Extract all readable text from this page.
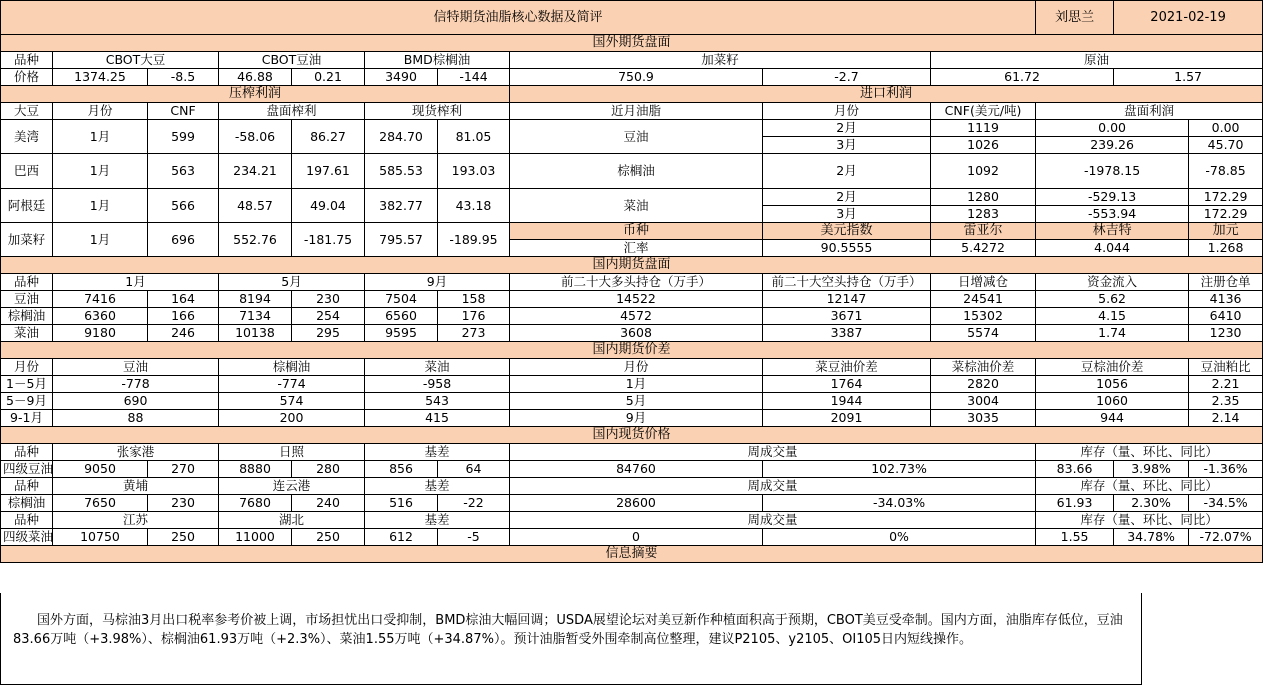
信特期货油脂核心数据及简评										刘思兰	2021-02-19	
国外期货盘面												
品种	CBOT大豆		CBOT豆油		BMD棕榈油		加菜籽		原油			
价格	1374.25	-8.5	46.88	0.21	3490	-144	750.9	-2.7	61.72		1.57	
压榨利润							进口利润					
大豆	月份	CNF	盘面榨利		现货榨利		近月油脂	月份	CNF(美元/吨)	盘面利润		
美湾	1月	599	-58.06	86.27	284.70	81.05	豆油	2月	1119	0.00		0.00
								3月	1026	239.26		45.70
巴西	1月	563	234.21	197.61	585.53	193.03	棕榈油	2月	1092	-1978.15		-78.85
阿根廷	1月	566	48.57	49.04	382.77	43.18	菜油	2月	1280	-529.13		172.29
								3月	1283	-553.94		172.29
加菜籽	1月	696	552.76	-181.75	795.57	-189.95	币种	美元指数	雷亚尔	林吉特		加元
							汇率	90.5555	5.4272	4.044		1.268
国内期货盘面												
品种	1月		5月		9月		前二十大多头持仓（万手）	前二十大空头持仓（万手）	日增减仓	资金流入		注册仓单
豆油	7416	164	8194	230	7504	158	14522	12147	24541	5.62		4136
棕榈油	6360	166	7134	254	6560	176	4572	3671	15302	4.15		6410
菜油	9180	246	10138	295	9595	273	3608	3387	5574	1.74		1230
国内期货价差												
月份	豆油		棕榈油		菜油		月份	菜豆油价差	菜棕油价差	豆棕油价差		豆油粕比
1－5月	-778		-774		-958		1月	1764	2820	1056		2.21
5－9月	690		574		543		5月	1944	3004	1060		2.35
9-1月	88		200		415		9月	2091	3035	944		2.14
国内现货价格												
品种	张家港		日照		基差		周成交量			库存（量、环比、同比）		
四级豆油	9050	270	8880	280	856	64	84760	102.73%		83.66	3.98%	-1.36%
品种	黄埔		连云港		基差		周成交量			库存（量、环比、同比）		
棕榈油	7650	230	7680	240	516	-22	28600	-34.03%		61.93	2.30%	-34.5%
品种	江苏		湖北		基差		周成交量			库存（量、环比、同比）		
四级菜油	10750	250	11000	250	612	-5	0	0%		1.55	34.78%	-72.07%
信息摘要												
国外方面，马棕油3月出口税率参考价被上调，市场担忧出口受抑制，BMD棕油大幅回调；USDA展望论坛对美豆新作种植面积高于预期，CBOT美豆受牵制。国内方面，油脂库存低位，豆油83.66万吨（+3.98%）、棕榈油61.93万吨（+2.3%）、菜油1.55万吨（+34.87%）。预计油脂暂受外围牵制高位整理，建议P2105、y2105、OI105日内短线操作。
